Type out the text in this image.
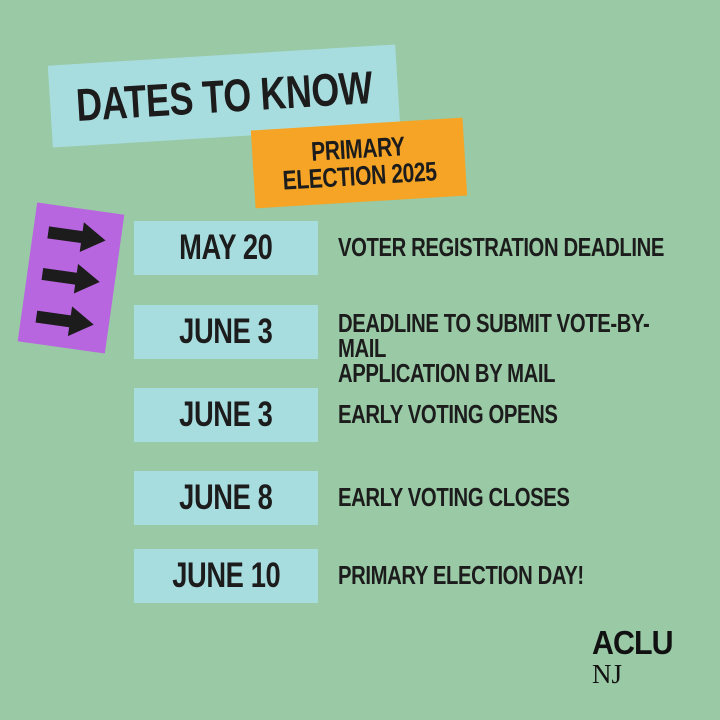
DATES TO KNOW
PRIMARY
ELECTION 2025
MAY 20	VOTER REGISTRATION DEADLINE
JUNE 3	DEADLINE TO SUBMIT VOTE-BY-MAIL
APPLICATION BY MAIL
JUNE 3	EARLY VOTING OPENS
JUNE 8	EARLY VOTING CLOSES
JUNE 10 PRIMARY ELECTION DAY!
ACLU
NJ
